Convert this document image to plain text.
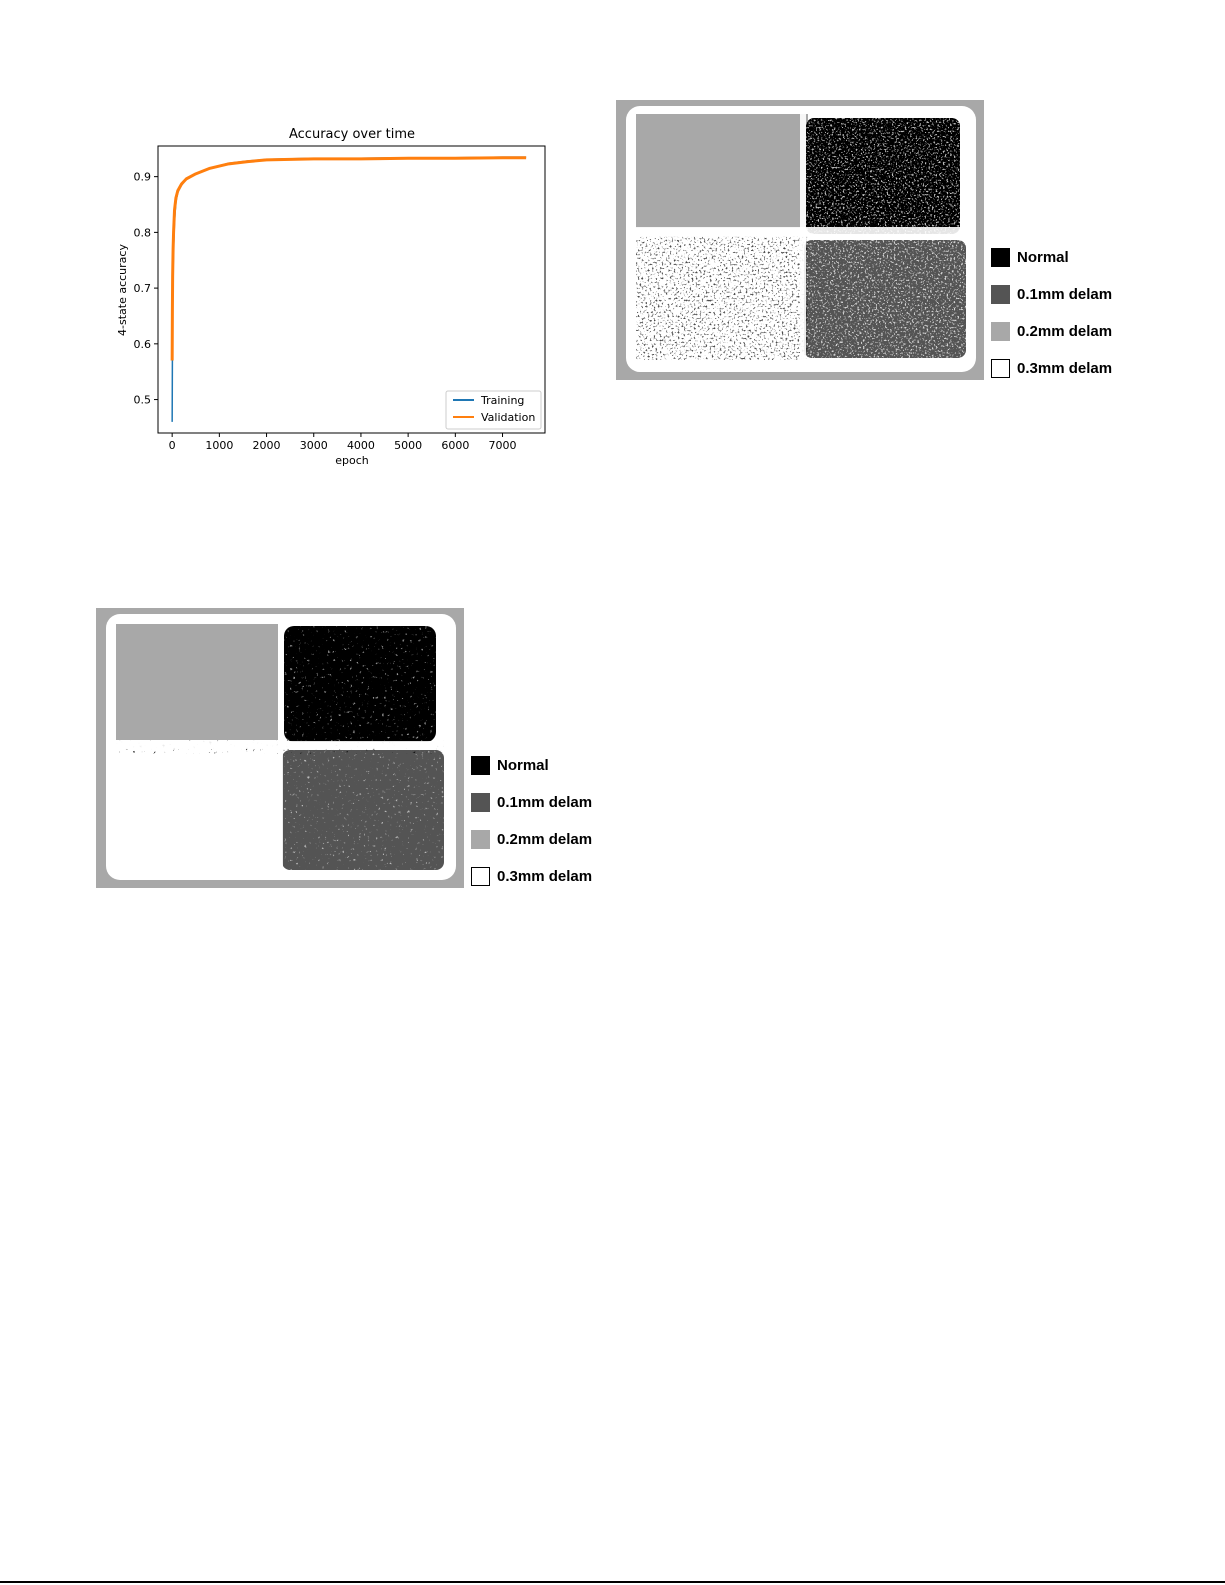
Accuracy over time
0	1000 2000 3000 4000 5000 6000 7000
0.5
0.6
0.7
0.8
0.9
epoch
4-state accuracy
Training
Validation
Normal
0.1mm delam
0.2mm delam
0.3mm delam
Normal
0.1mm delam
0.2mm delam
0.3mm delam
